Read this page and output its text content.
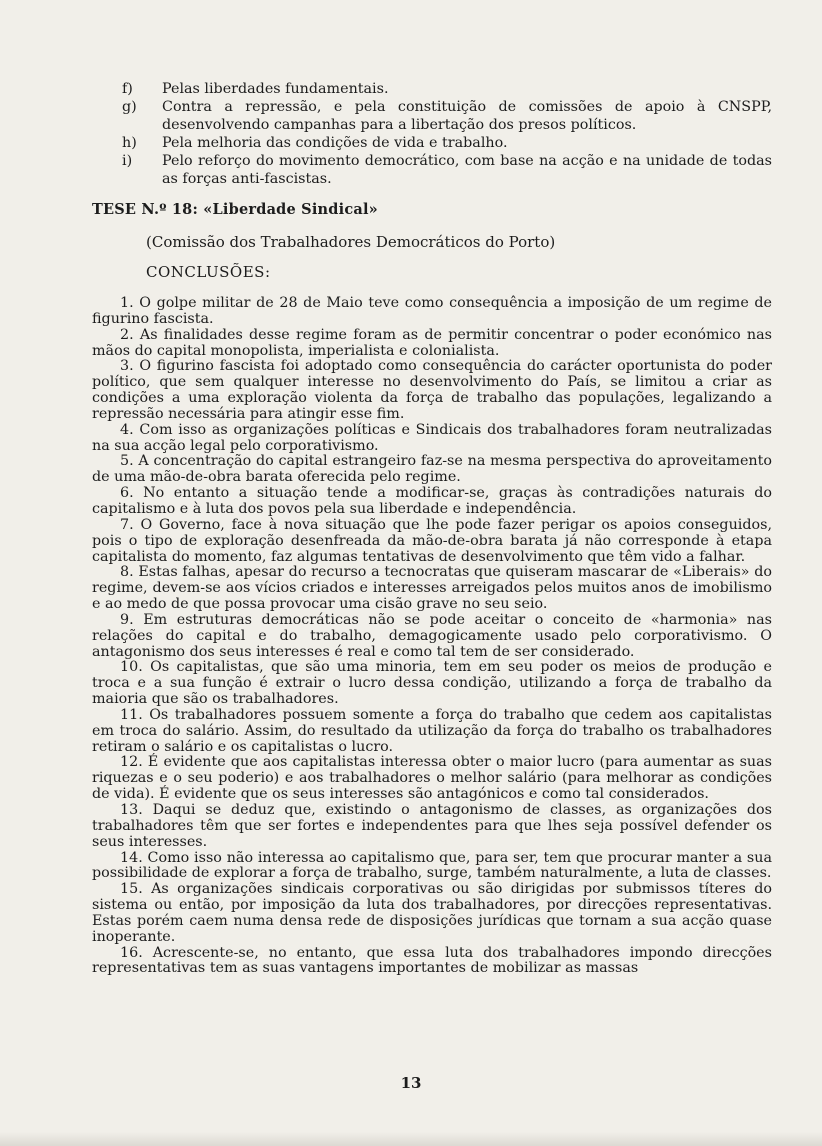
f)	Pelas liberdades fundamentais.
g)	Contra a repressão, e pela constituição de comissões de apoio à CNSPP, desenvolvendo campanhas para a libertação dos presos políticos.
h)	Pela melhoria das condições de vida e trabalho.
i)	Pelo reforço do movimento democrático, com base na acção e na unidade de todas as forças anti-fascistas.
TESE N.º 18: «Liberdade Sindical»
(Comissão dos Trabalhadores Democráticos do Porto)
CONCLUSÕES:

1. O golpe militar de 28 de Maio teve como consequência a imposição de um regime de figurino fascista.

2. As finalidades desse regime foram as de permitir concentrar o poder económico nas mãos do capital monopolista, imperialista e colonialista.

3. O figurino fascista foi adoptado como consequência do carácter oportunista do poder político, que sem qualquer interesse no desenvolvimento do País, se limitou a criar as condições a uma exploração violenta da força de trabalho das populações, legalizando a repressão necessária para atingir esse fim.

4. Com isso as organizações políticas e Sindicais dos trabalhadores foram neutralizadas na sua acção legal pelo corporativismo.

5. A concentração do capital estrangeiro faz-se na mesma perspectiva do aproveitamento de uma mão-de-obra barata oferecida pelo regime.

6. No entanto a situação tende a modificar-se, graças às contradições naturais do capitalismo e à luta dos povos pela sua liberdade e independência.

7. O Governo, face à nova situação que lhe pode fazer perigar os apoios conseguidos, pois o tipo de exploração desenfreada da mão-de-obra barata já não corresponde à etapa capitalista do momento, faz algumas tentativas de desenvolvimento que têm vido a falhar.

8. Estas falhas, apesar do recurso a tecnocratas que quiseram mascarar de «Liberais» do regime, devem-se aos vícios criados e interesses arreigados pelos muitos anos de imobilismo e ao medo de que possa provocar uma cisão grave no seu seio.

9. Em estruturas democráticas não se pode aceitar o conceito de «harmonia» nas relações do capital e do trabalho, demagogicamente usado pelo corporativismo. O antagonismo dos seus interesses é real e como tal tem de ser considerado.

10. Os capitalistas, que são uma minoria, tem em seu poder os meios de produção e troca e a sua função é extrair o lucro dessa condição, utilizando a força de trabalho da maioria que são os trabalhadores.

11. Os trabalhadores possuem somente a força do trabalho que cedem aos capitalistas em troca do salário. Assim, do resultado da utilização da força do trabalho os trabalhadores retiram o salário e os capitalistas o lucro.

12. É evidente que aos capitalistas interessa obter o maior lucro (para aumentar as suas riquezas e o seu poderio) e aos trabalhadores o melhor salário (para melhorar as condições de vida). É evidente que os seus interesses são antagónicos e como tal considerados.

13. Daqui se deduz que, existindo o antagonismo de classes, as organizações dos trabalhadores têm que ser fortes e independentes para que lhes seja possível defender os seus interesses.

14. Como isso não interessa ao capitalismo que, para ser, tem que procurar manter a sua possibilidade de explorar a força de trabalho, surge, também naturalmente, a luta de classes.

15. As organizações sindicais corporativas ou são dirigidas por submissos títeres do sistema ou então, por imposição da luta dos trabalhadores, por direcções representativas. Estas porém caem numa densa rede de disposições jurídicas que tornam a sua acção quase inoperante.

16. Acrescente-se, no entanto, que essa luta dos trabalhadores impondo direcções representativas tem as suas vantagens importantes de mobilizar as massas

13
